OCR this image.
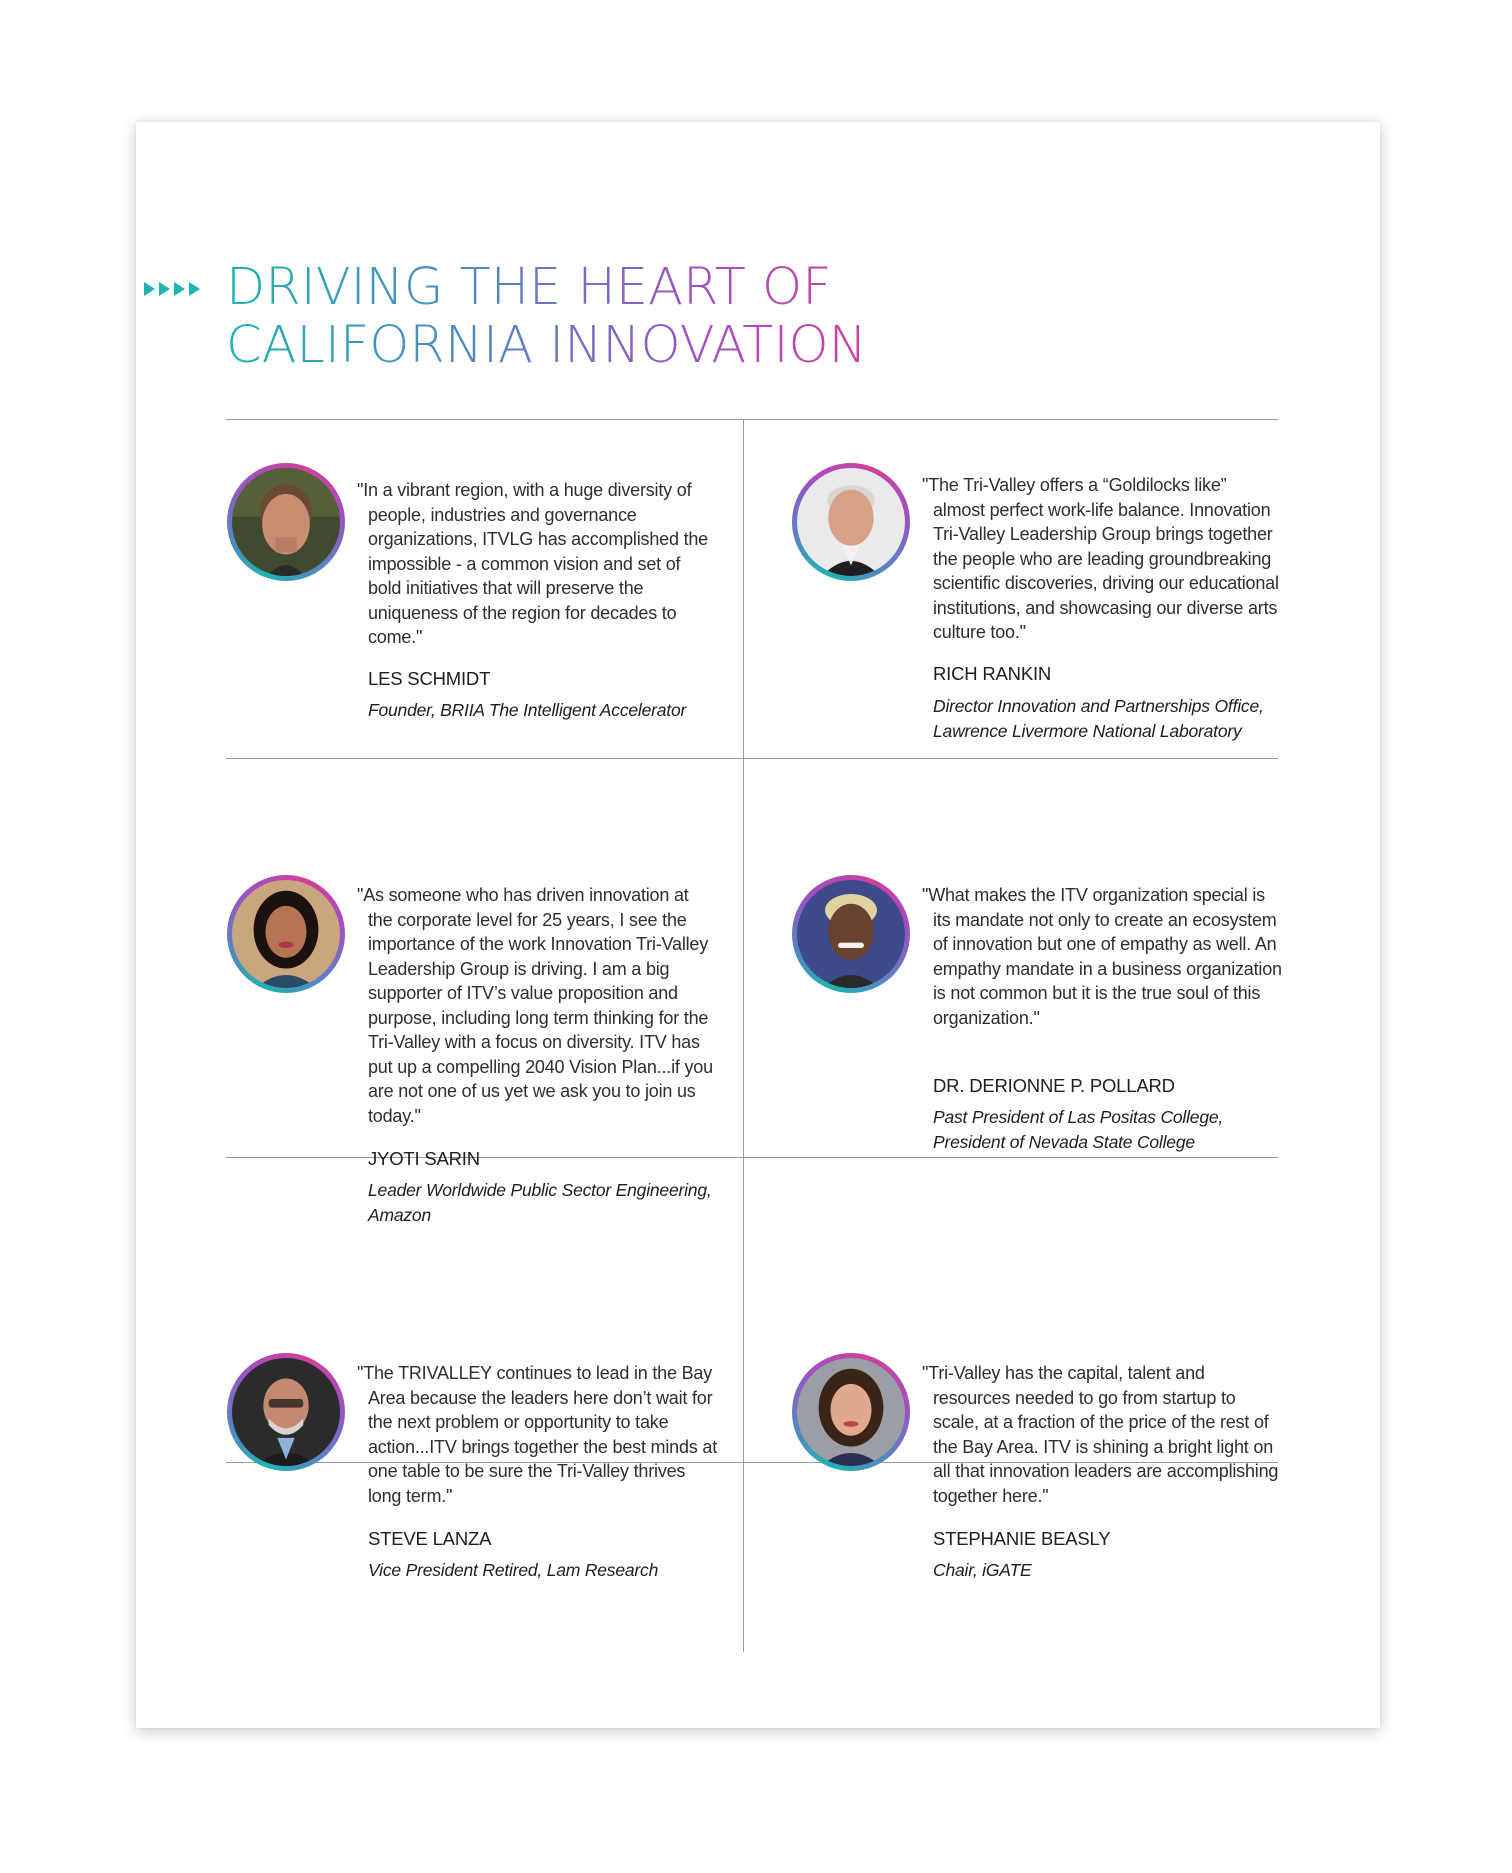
DRIVING THE HEART OF
CALIFORNIA INNOVATION

"In a vibrant region, with a huge diversity of people, industries and governance organizations, ITVLG has accomplished the impossible - a common vision and set of bold initiatives that will preserve the uniqueness of the region for decades to come."

LES SCHMIDT

Founder, BRIIA The Intelligent Accelerator

"The Tri-Valley offers a “Goldilocks like” almost perfect work-life balance. Innovation Tri-Valley Leadership Group brings together the people who are leading groundbreaking scientific discoveries, driving our educational institutions, and showcasing our diverse arts culture too."

RICH RANKIN

Director Innovation and Partnerships Office, Lawrence Livermore National Laboratory

"As someone who has driven innovation at the corporate level for 25 years, I see the importance of the work Innovation Tri-Valley Leadership Group is driving. I am a big supporter of ITV’s value proposition and purpose, including long term thinking for the Tri-Valley with a focus on diversity. ITV has put up a compelling 2040 Vision Plan...if you are not one of us yet we ask you to join us today."

JYOTI SARIN

Leader Worldwide Public Sector Engineering, Amazon

"What makes the ITV organization special is its mandate not only to create an ecosystem of innovation but one of empathy as well. An empathy mandate in a business organization is not common but it is the true soul of this organization."

DR. DERIONNE P. POLLARD

Past President of Las Positas College, President of Nevada State College

"The TRIVALLEY continues to lead in the Bay Area because the leaders here don’t wait for the next problem or opportunity to take action...ITV brings together the best minds at one table to be sure the Tri-Valley thrives long term."

STEVE LANZA

Vice President Retired, Lam Research

"Tri-Valley has the capital, talent and resources needed to go from startup to scale, at a fraction of the price of the rest of the Bay Area. ITV is shining a bright light on all that innovation leaders are accomplishing together here."

STEPHANIE BEASLY

Chair, iGATE
